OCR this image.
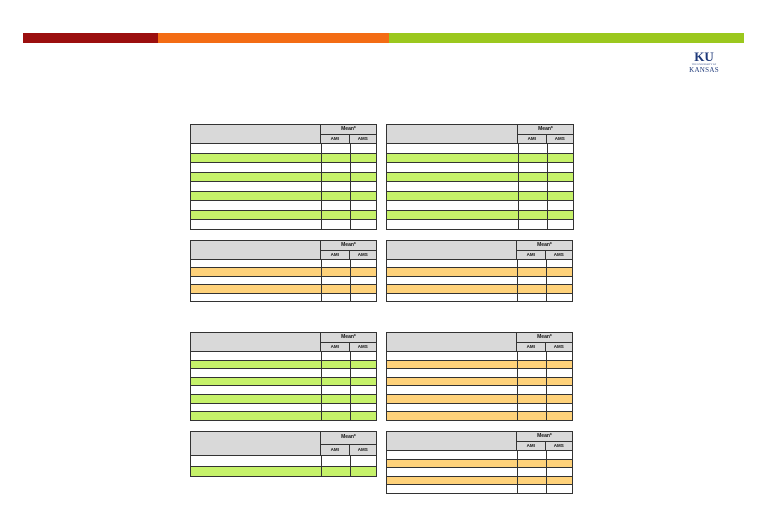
KU
THE UNIVERSITY OF
KANSAS
Mean*
AMI	AMS
Mean*
AMI	AMS
Mean*
AMI	AMS
Mean*
AMI	AMS
Mean*
AMI	AMS
Mean*
AMI	AMS
Mean*
AMI	AMS
Mean*
AMI	AMS
